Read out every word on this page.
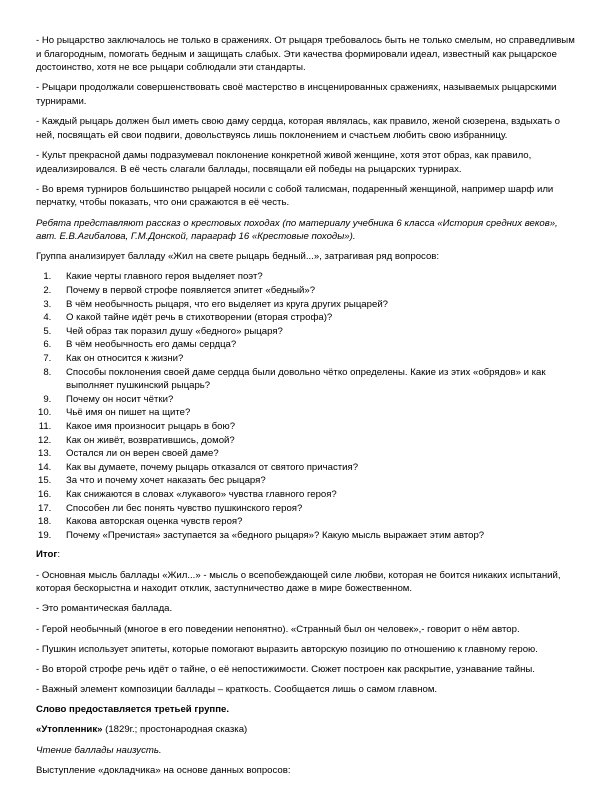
- Но рыцарство заключалось не только в сражениях. От рыцаря требовалось быть не только смелым, но справедливым и благородным, помогать бедным и защищать слабых. Эти качества формировали идеал, известный как рыцарское достоинство, хотя не все рыцари соблюдали эти стандарты.

- Рыцари продолжали совершенствовать своё мастерство в инсценированных сражениях, называемых рыцарскими турнирами.

- Каждый рыцарь должен был иметь свою даму сердца, которая являлась, как правило, женой сюзерена, вздыхать о ней, посвящать ей свои подвиги, довольствуясь лишь поклонением и счастьем любить свою избранницу.

- Культ прекрасной дамы подразумевал поклонение конкретной живой женщине, хотя этот образ, как правило, идеализировался. В её честь слагали баллады, посвящали ей победы на рыцарских турнирах.

- Во время турниров большинство рыцарей носили с собой талисман, подаренный женщиной, например шарф или перчатку, чтобы показать, что они сражаются в её честь.

Ребята представляют рассказ о крестовых походах (по материалу учебника 6 класса «История средних веков», авт. Е.В.Агибалова, Г.М.Донской, параграф 16 «Крестовые походы»).

Группа анализирует балладу «Жил на свете рыцарь бедный...», затрагивая ряд вопросов:

1. Какие черты главного героя выделяет поэт?
2. Почему в первой строфе появляется эпитет «бедный»?
3. В чём необычность рыцаря, что его выделяет из круга других рыцарей?
4. О какой тайне идёт речь в стихотворении (вторая строфа)?
5. Чей образ так поразил душу «бедного» рыцаря?
6. В чём необычность его дамы сердца?
7. Как он относится к жизни?
8. Способы поклонения своей даме сердца были довольно чётко определены. Какие из этих «обрядов» и как выполняет пушкинский рыцарь?
9. Почему он носит чётки?
10. Чьё имя он пишет на щите?
11. Какое имя произносит рыцарь в бою?
12. Как он живёт, возвратившись, домой?
13. Остался ли он верен своей даме?
14. Как вы думаете, почему рыцарь отказался от святого причастия?
15. За что и почему хочет наказать бес рыцаря?
16. Как снижаются в словах «лукавого» чувства главного героя?
17. Способен ли бес понять чувство пушкинского героя?
18. Какова авторская оценка чувств героя?
19. Почему «Пречистая» заступается за «бедного рыцаря»? Какую мысль выражает этим автор?

Итог:

- Основная мысль баллады «Жил...» - мысль о всепобеждающей силе любви, которая не боится никаких испытаний, которая бескорыстна и находит отклик, заступничество даже в мире божественном.

- Это романтическая баллада.

- Герой необычный (многое в его поведении непонятно). «Странный был он человек»,- говорит о нём автор.

- Пушкин использует эпитеты, которые помогают выразить авторскую позицию по отношению к главному герою.

- Во второй строфе речь идёт о тайне, о её непостижимости. Сюжет построен как раскрытие, узнавание тайны.

- Важный элемент композиции баллады – краткость. Сообщается лишь о самом главном.

Слово предоставляется третьей группе.

«Утопленник» (1829г.; простонародная сказка)

Чтение баллады наизусть.

Выступление «докладчика» на основе данных вопросов:
